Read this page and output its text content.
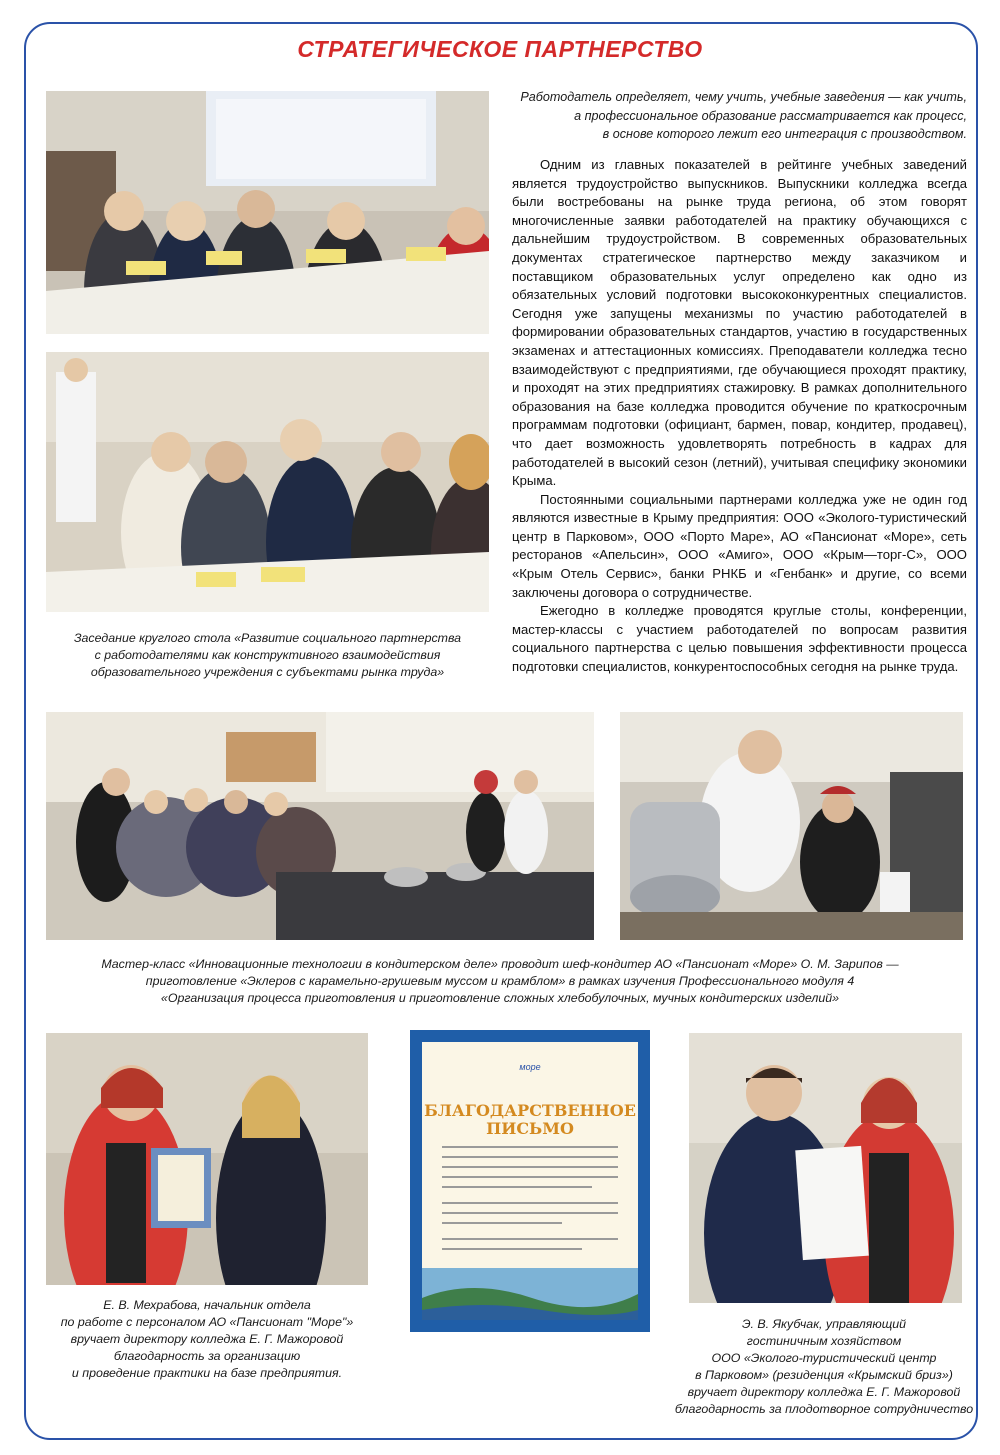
СТРАТЕГИЧЕСКОЕ ПАРТНЕРСТВО
Работодатель определяет, чему учить, учебные заведения — как учить,
а профессиональное образование рассматривается как процесс,
в основе которого лежит его интеграция с производством.

Одним из главных показателей в рейтинге учебных заведений является трудоустройство выпускников. Выпускники колледжа всегда были востребованы на рынке труда региона, об этом говорят многочисленные заявки работодателей на практику обучающихся с дальнейшим трудоустройством. В современных образовательных документах стратегическое партнерство между заказчиком и поставщиком образовательных услуг определено как одно из обязательных условий подготовки высококонкурентных специалистов. Сегодня уже запущены механизмы по участию работодателей в формировании образовательных стандартов, участию в государственных экзаменах и аттестационных комиссиях. Преподаватели колледжа тесно взаимодействуют с предприятиями, где обучающиеся проходят практику, и проходят на этих предприятиях стажировку. В рамках дополнительного образования на базе колледжа проводится обучение по краткосрочным программам подготовки (официант, бармен, повар, кондитер, продавец), что дает возможность удовлетворять потребность в кадрах для работодателей в высокий сезон (летний), учитывая специфику экономики Крыма.

Постоянными социальными партнерами колледжа уже не один год являются известные в Крыму предприятия: ООО «Эколого-туристический центр в Парковом», ООО «Порто Маре», АО «Пансионат «Море», сеть ресторанов «Апельсин», ООО «Амиго», ООО «Крым—торг-С», ООО «Крым Отель Сервис», банки РНКБ и «Генбанк» и другие, со всеми заключены договора о сотрудничестве.

Ежегодно в колледже проводятся круглые столы, конференции, мастер-классы с участием работодателей по вопросам развития социального партнерства с целью повышения эффективности процесса подготовки специалистов, конкурентоспособных сегодня на рынке труда.

Заседание круглого стола «Развитие социального партнерства
с работодателями как конструктивного взаимодействия
образовательного учреждения с субъектами рынка труда»
Мастер-класс «Инновационные технологии в кондитерском деле» проводит шеф-кондитер АО «Пансионат «Море» О. М. Зарипов —
приготовление «Эклеров с карамельно-грушевым муссом и крамблом» в рамках изучения Профессионального модуля 4
«Организация процесса приготовления и приготовление сложных хлебобулочных, мучных кондитерских изделий»
Е. В. Мехрабова, начальник отдела
по работе с персоналом АО «Пансионат "Море"»
вручает директору колледжа Е. Г. Мажоровой
благодарность за организацию
и проведение практики на базе предприятия.
море
БЛАГОДАРСТВЕННОЕ
ПИСЬМО
Э. В. Якубчак, управляющий
гостиничным хозяйством
ООО «Эколого-туристический центр
в Парковом» (резиденция «Крымский бриз»)
вручает директору колледжа Е. Г. Мажоровой
благодарность за плодотворное сотрудничество
